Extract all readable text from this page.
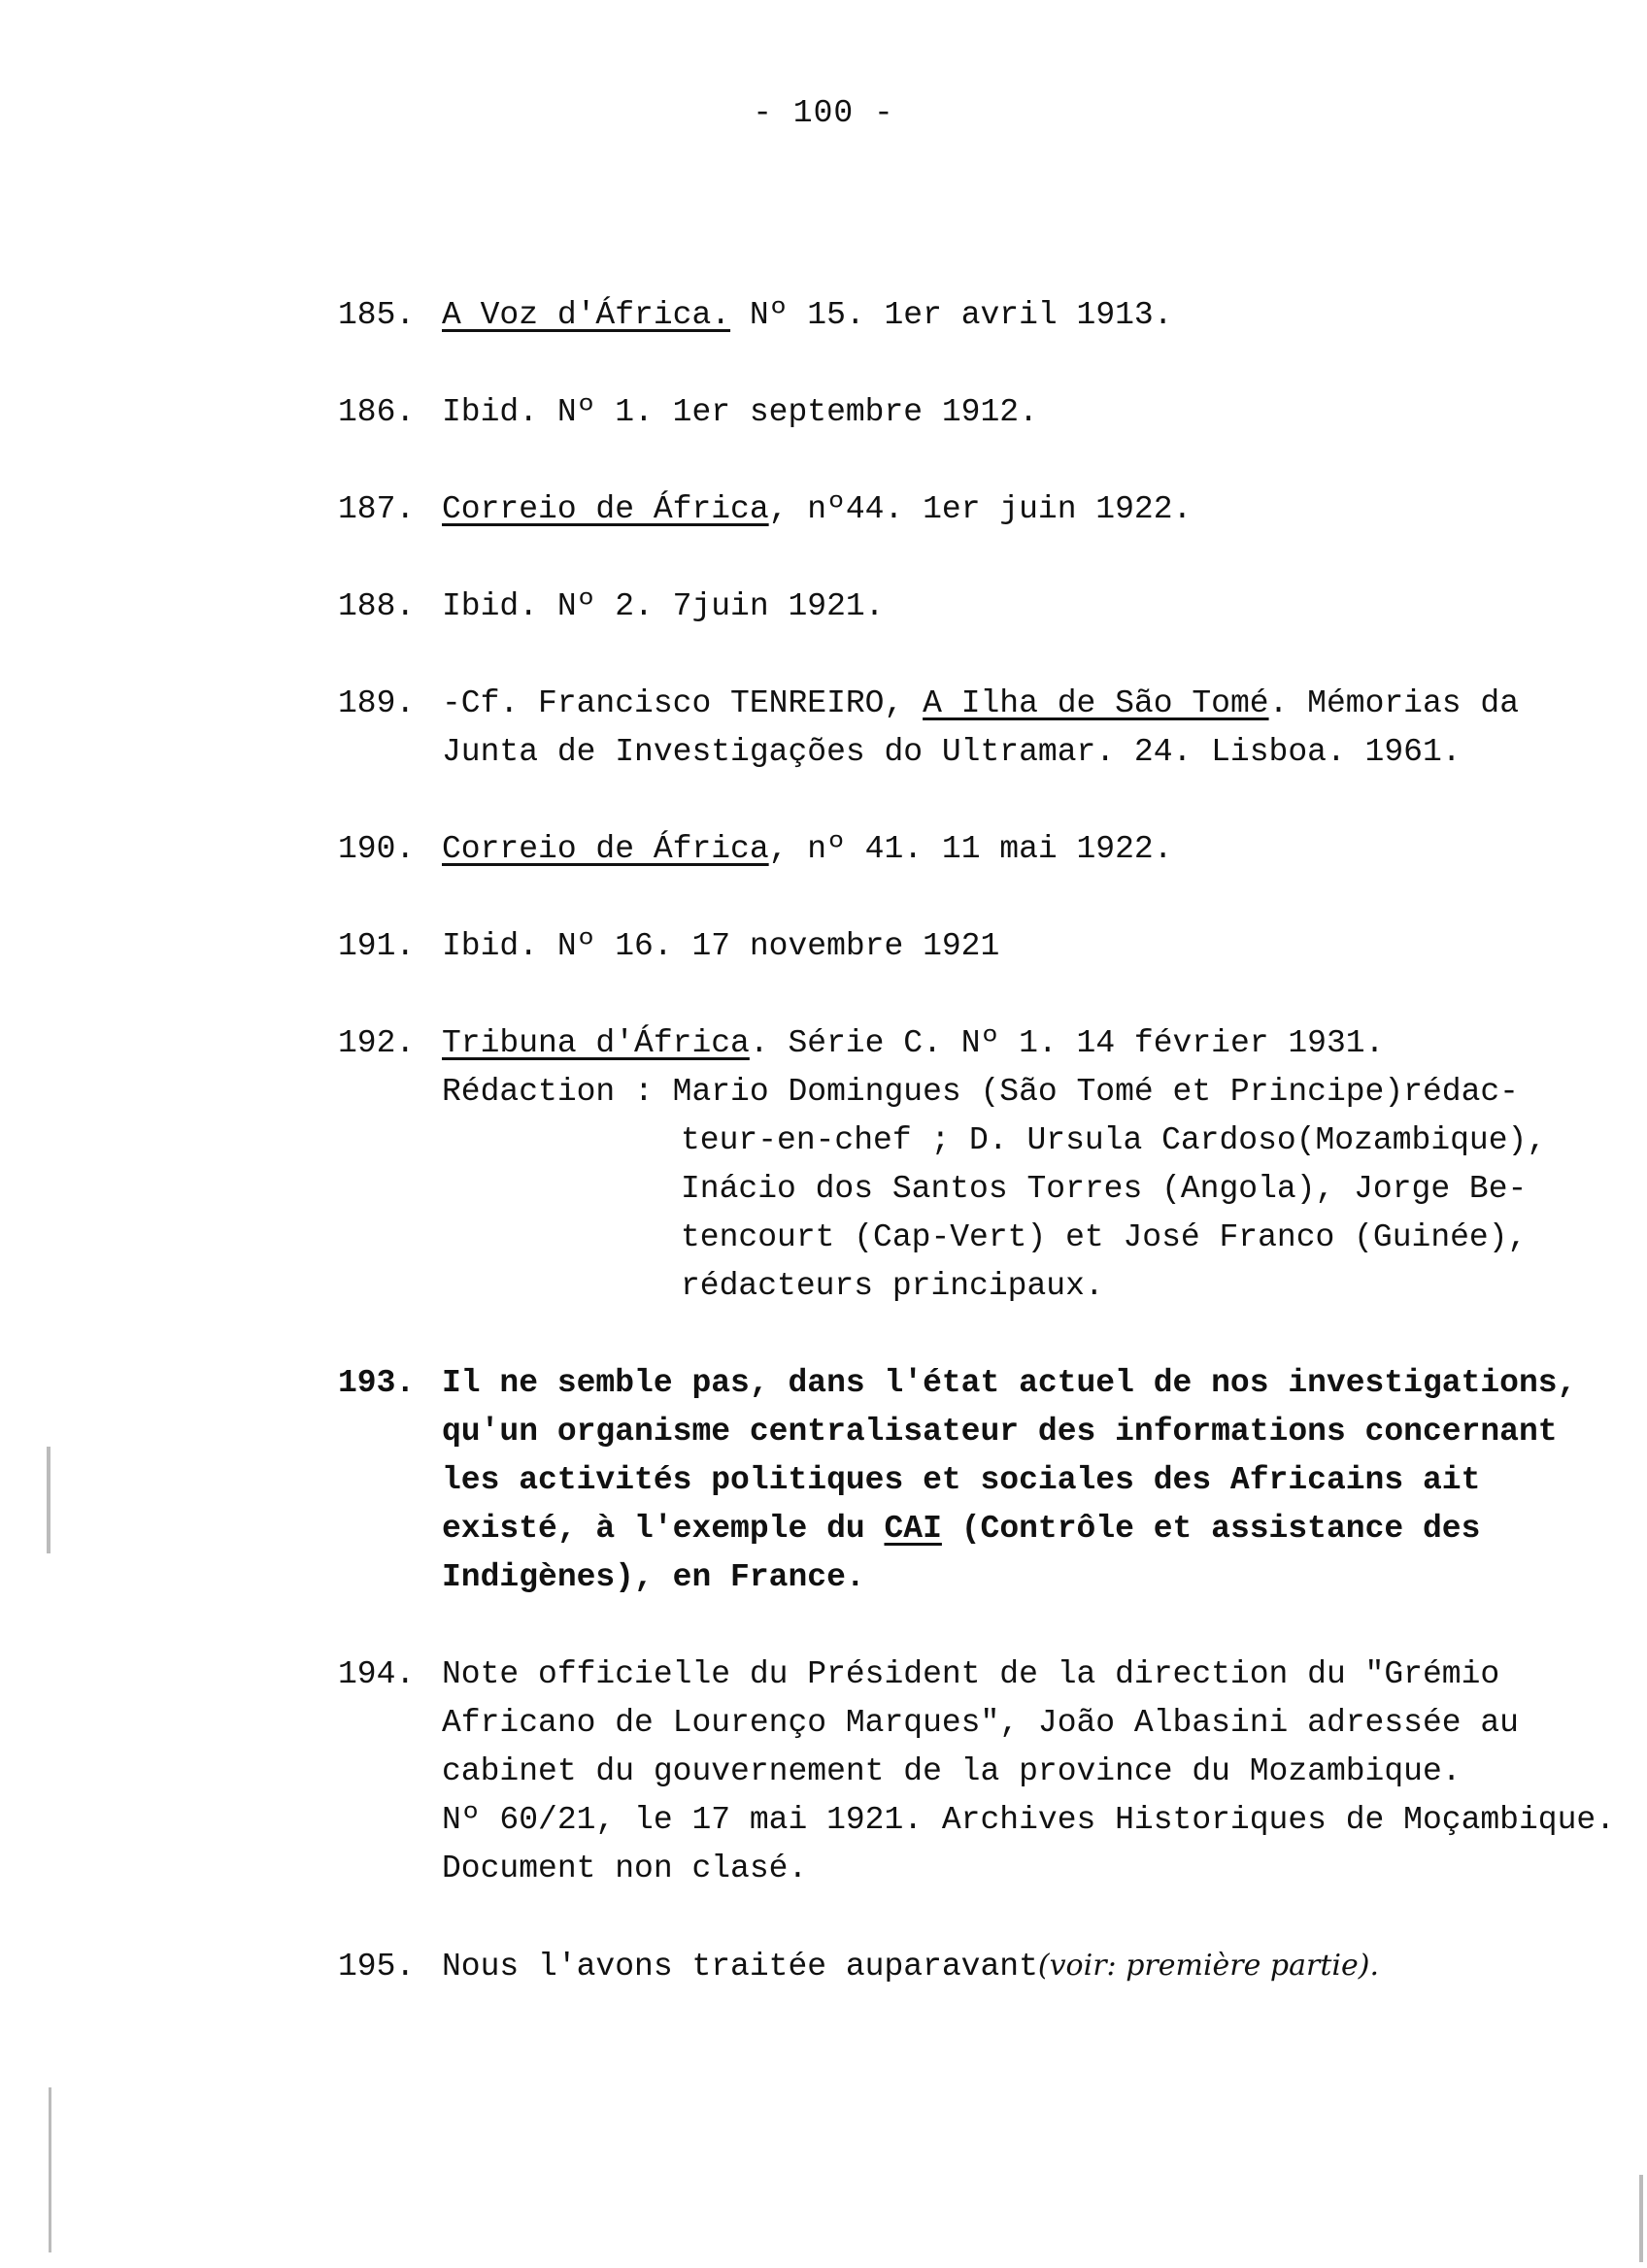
- 100 -
185. A Voz d'África. Nº 15. 1er avril 1913.
186. Ibid. Nº 1. 1er septembre 1912.
187. Correio de África, nº44. 1er juin 1922.
188. Ibid. Nº 2. 7juin 1921.
189. -Cf. Francisco TENREIRO, A Ilha de São Tomé. Mémorias da
Junta de Investigações do Ultramar. 24. Lisboa. 1961.
190. Correio de África, nº 41. 11 mai 1922.
191. Ibid. Nº 16. 17 novembre 1921
192. Tribuna d'África. Série C. Nº 1. 14 février 1931.
Rédaction : Mario Domingues (São Tomé et Principe)rédac-
teur-en-chef ; D. Ursula Cardoso(Mozambique),
Inácio dos Santos Torres (Angola), Jorge Be-
tencourt (Cap-Vert) et José Franco (Guinée),
rédacteurs principaux.
193. Il ne semble pas, dans l'état actuel de nos investigations,
qu'un organisme centralisateur des informations concernant
les activités politiques et sociales des Africains ait
existé, à l'exemple du CAI (Contrôle et assistance des
Indigènes), en France.
194. Note officielle du Président de la direction du "Grémio
Africano de Lourenço Marques", João Albasini adressée au
cabinet du gouvernement de la province du Mozambique.
Nº 60/21, le 17 mai 1921. Archives Historiques de Moçambique.
Document non clasé.
195. Nous l'avons traitée auparavant(voir: première partie).
